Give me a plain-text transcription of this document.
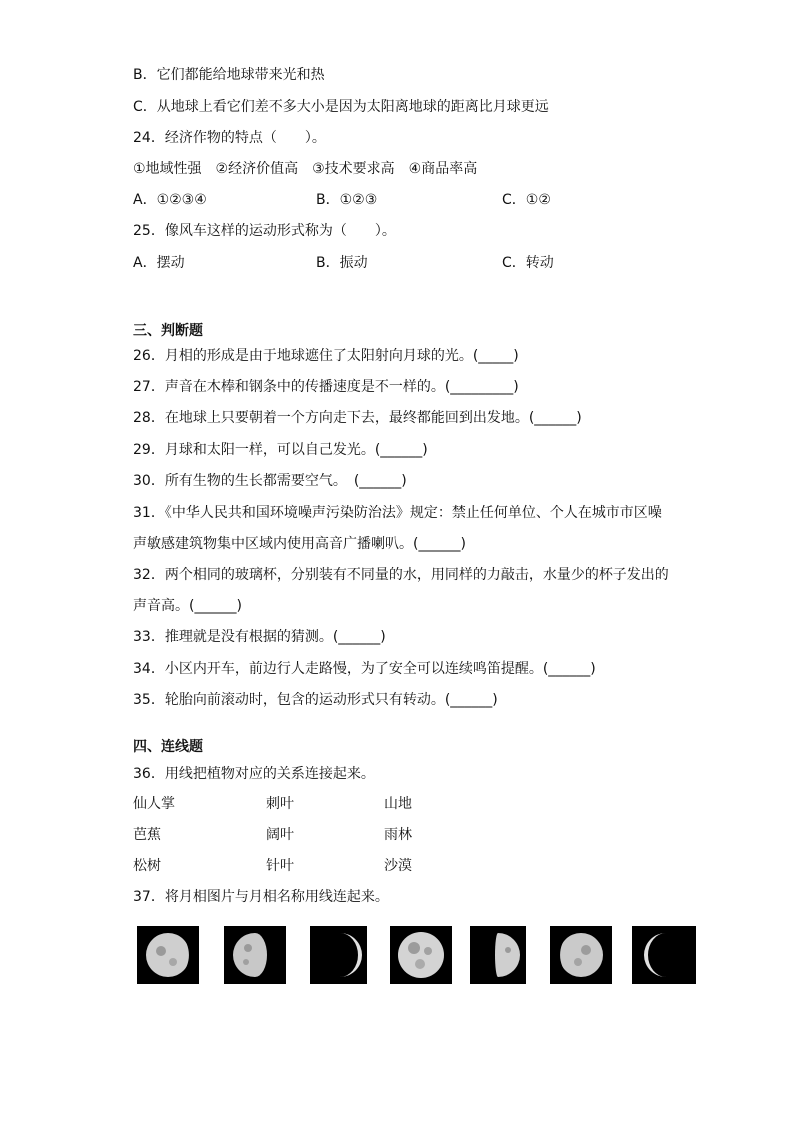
B．它们都能给地球带来光和热
C．从地球上看它们差不多大小是因为太阳离地球的距离比月球更远
24．经济作物的特点（　　）。
①地域性强　②经济价值高　③技术要求高　④商品率高
A．①②③④	B．①②③	C．①②
25．像风车这样的运动形式称为（　　）。
A．摆动	B．振动	C．转动
三、判断题
26．月相的形成是由于地球遮住了太阳射向月球的光。(_____)
27．声音在木棒和钢条中的传播速度是不一样的。(_________)
28．在地球上只要朝着一个方向走下去，最终都能回到出发地。(______)
29．月球和太阳一样，可以自己发光。(______)
30．所有生物的生长都需要空气。　(______)
31．《中华人民共和国环境噪声污染防治法》规定：禁止任何单位、个人在城市市区噪
声敏感建筑物集中区域内使用高音广播喇叭。(______)
32．两个相同的玻璃杯，分别装有不同量的水，用同样的力敲击，水量少的杯子发出的
声音高。(______)
33．推理就是没有根据的猜测。(______)
34．小区内开车，前边行人走路慢，为了安全可以连续鸣笛提醒。(______)
35．轮胎向前滚动时，包含的运动形式只有转动。(______)
四、连线题
36．用线把植物对应的关系连接起来。
仙人掌	刺叶	山地
芭蕉	阔叶	雨林
松树	针叶	沙漠
37．将月相图片与月相名称用线连起来。
